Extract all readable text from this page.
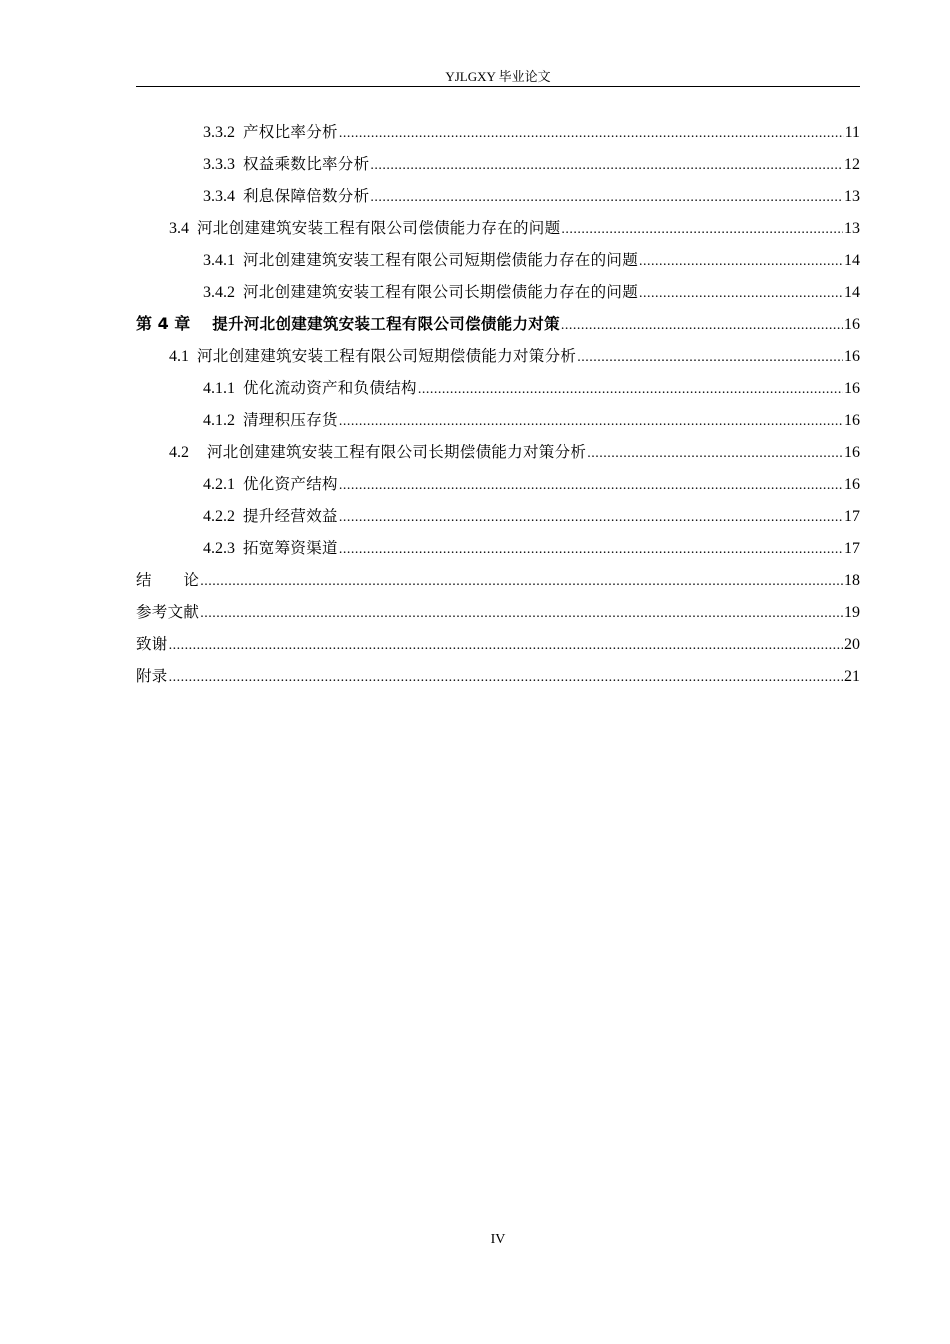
YJLGXY 毕业论文
3.3.2 产权比率分析 .....	11
3.3.3 权益乘数比率分析 .....	12
3.3.4 利息保障倍数分析 .....	13
3.4 河北创建建筑安装工程有限公司偿债能力存在的问题 .....	13
3.4.1 河北创建建筑安装工程有限公司短期偿债能力存在的问题 .....	14
3.4.2 河北创建建筑安装工程有限公司长期偿债能力存在的问题 .....	14
第 4 章 提升河北创建建筑安装工程有限公司偿债能力对策 .....	16
4.1 河北创建建筑安装工程有限公司短期偿债能力对策分析 .....	16
4.1.1 优化流动资产和负债结构 .....	16
4.1.2 清理积压存货 .....	16
4.2 河北创建建筑安装工程有限公司长期偿债能力对策分析 .....	16
4.2.1 优化资产结构 .....	16
4.2.2 提升经营效益 .....	17
4.2.3 拓宽筹资渠道 .....	17
结　　论 .....	18
参考文献 .....	19
致谢 .....	20
附录 .....	21
IV
